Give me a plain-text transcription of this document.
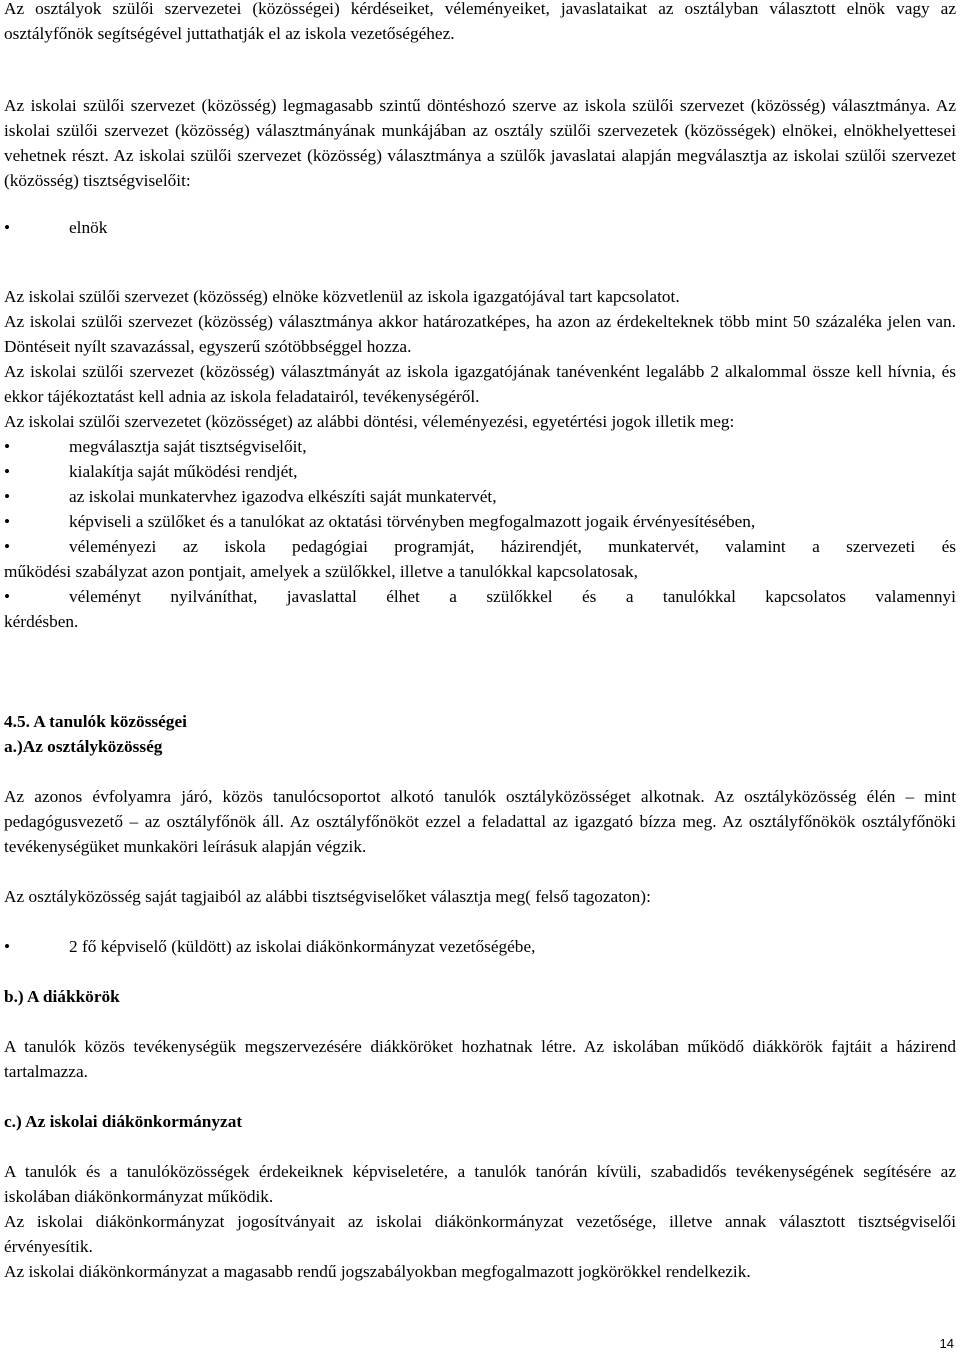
Az osztályok szülői szervezetei (közösségei) kérdéseiket, véleményeiket, javaslataikat az osztályban választott elnök vagy az osztályfőnök segítségével juttathatják el az iskola vezetőségéhez.

Az iskolai szülői szervezet (közösség) legmagasabb szintű döntéshozó szerve az iskola szülői szervezet (közösség) választmánya. Az iskolai szülői szervezet (közösség) választmányának munkájában az osztály szülői szervezetek (közösségek) elnökei, elnökhelyettesei vehetnek részt. Az iskolai szülői szervezet (közösség) választmánya a szülők javaslatai alapján megválasztja az iskolai szülői szervezet (közösség) tisztségviselőit:

•	elnök

Az iskolai szülői szervezet (közösség) elnöke közvetlenül az iskola igazgatójával tart kapcsolatot.

Az iskolai szülői szervezet (közösség) választmánya akkor határozatképes, ha azon az érdekelteknek több mint 50 százaléka jelen van. Döntéseit nyílt szavazással, egyszerű szótöbbséggel hozza.

Az iskolai szülői szervezet (közösség) választmányát az iskola igazgatójának tanévenként legalább 2 alkalommal össze kell hívnia, és ekkor tájékoztatást kell adnia az iskola feladatairól, tevékenységéről.

Az iskolai szülői szervezetet (közösséget) az alábbi döntési, véleményezési, egyetértési jogok illetik meg:

•	megválasztja saját tisztségviselőit,
•	kialakítja saját működési rendjét,
•	az iskolai munkatervhez igazodva elkészíti saját munkatervét,
•	képviseli a szülőket és a tanulókat az oktatási törvényben megfogalmazott jogaik érvényesítésében,
•	véleményezi az iskola pedagógiai programját, házirendjét, munkatervét, valamint a szervezeti és

működési szabályzat azon pontjait, amelyek a szülőkkel, illetve a tanulókkal kapcsolatosak,

•	véleményt nyilváníthat, javaslattal élhet a szülőkkel és a tanulókkal kapcsolatos valamennyi

kérdésben.

4.5. A tanulók közösségei
a.)Az osztályközösség

Az azonos évfolyamra járó, közös tanulócsoportot alkotó tanulók osztályközösséget alkotnak. Az osztályközösség élén – mint pedagógusvezető – az osztályfőnök áll. Az osztályfőnököt ezzel a feladattal az igazgató bízza meg. Az osztályfőnökök osztályfőnöki tevékenységüket munkaköri leírásuk alapján végzik.

Az osztályközösség saját tagjaiból az alábbi tisztségviselőket választja meg( felső tagozaton):

•	2 fő képviselő (küldött) az iskolai diákönkormányzat vezetőségébe,
b.) A diákkörök

A tanulók közös tevékenységük megszervezésére diákköröket hozhatnak létre. Az iskolában működő diákkörök fajtáit a házirend tartalmazza.

c.) Az iskolai diákönkormányzat

A tanulók és a tanulóközösségek érdekeiknek képviseletére, a tanulók tanórán kívüli, szabadidős tevékenységének segítésére az iskolában diákönkormányzat működik.

Az iskolai diákönkormányzat jogosítványait az iskolai diákönkormányzat vezetősége, illetve annak választott tisztségviselői érvényesítik.

Az iskolai diákönkormányzat a magasabb rendű jogszabályokban megfogalmazott jogkörökkel rendelkezik.

14
